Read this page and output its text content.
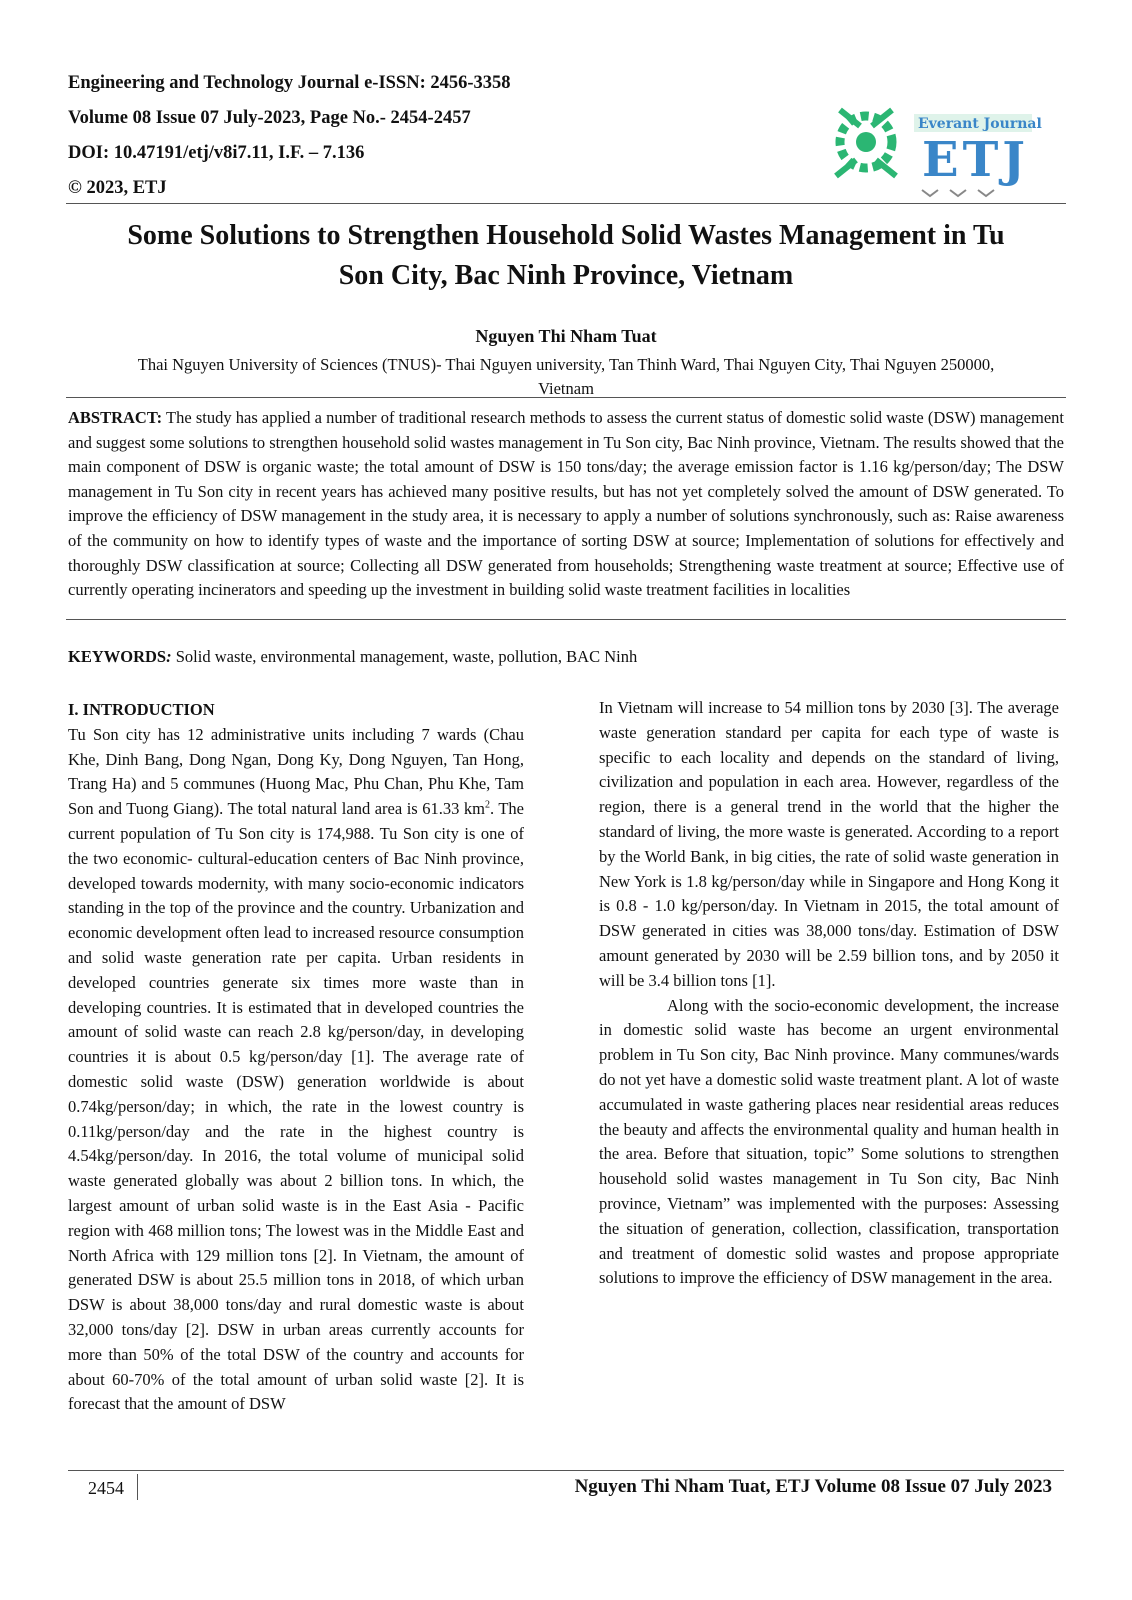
Engineering and Technology Journal e-ISSN: 2456-3358
Volume 08 Issue 07 July-2023, Page No.- 2454-2457
DOI: 10.47191/etj/v8i7.11, I.F. – 7.136
© 2023, ETJ
Everant Journal
ETJ
Some Solutions to Strengthen Household Solid Wastes Management in Tu
Son City, Bac Ninh Province, Vietnam
Nguyen Thi Nham Tuat
Thai Nguyen University of Sciences (TNUS)- Thai Nguyen university, Tan Thinh Ward, Thai Nguyen City, Thai Nguyen 250000,
Vietnam
ABSTRACT: The study has applied a number of traditional research methods to assess the current status of domestic solid waste (DSW) management and suggest some solutions to strengthen household solid wastes management in Tu Son city, Bac Ninh province, Vietnam. The results showed that the main component of DSW is organic waste; the total amount of DSW is 150 tons/day; the average emission factor is 1.16 kg/person/day; The DSW management in Tu Son city in recent years has achieved many positive results, but has not yet completely solved the amount of DSW generated. To improve the efficiency of DSW management in the study area, it is necessary to apply a number of solutions synchronously, such as: Raise awareness of the community on how to identify types of waste and the importance of sorting DSW at source; Implementation of solutions for effectively and thoroughly DSW classification at source; Collecting all DSW generated from households; Strengthening waste treatment at source; Effective use of currently operating incinerators and speeding up the investment in building solid waste treatment facilities in localities
KEYWORDS: Solid waste, environmental management, waste, pollution, BAC Ninh

I. INTRODUCTION

Tu Son city has 12 administrative units including 7 wards (Chau Khe, Dinh Bang, Dong Ngan, Dong Ky, Dong Nguyen, Tan Hong, Trang Ha) and 5 communes (Huong Mac, Phu Chan, Phu Khe, Tam Son and Tuong Giang). The total natural land area is 61.33 $km^2$. The current population of Tu Son city is 174,988. Tu Son city is one of the two economic- cultural-education centers of Bac Ninh province, developed towards modernity, with many socio-economic indicators standing in the top of the province and the country. Urbanization and economic development often lead to increased resource consumption and solid waste generation rate per capita. Urban residents in developed countries generate six times more waste than in developing countries. It is estimated that in developed countries the amount of solid waste can reach 2.8 kg/person/day, in developing countries it is about 0.5 kg/person/day [1]. The average rate of domestic solid waste (DSW) generation worldwide is about 0.74kg/person/day; in which, the rate in the lowest country is 0.11kg/person/day and the rate in the highest country is 4.54kg/person/day. In 2016, the total volume of municipal solid waste generated globally was about 2 billion tons. In which, the largest amount of urban solid waste is in the East Asia - Pacific region with 468 million tons; The lowest was in the Middle East and North Africa with 129 million tons [2]. In Vietnam, the amount of generated DSW is about 25.5 million tons in 2018, of which urban DSW is about 38,000 tons/day and rural domestic waste is about 32,000 tons/day [2]. DSW in urban areas currently accounts for more than 50% of the total DSW of the country and accounts for about 60-70% of the total amount of urban solid waste [2]. It is forecast that the amount of DSW

In Vietnam will increase to 54 million tons by 2030 [3]. The average waste generation standard per capita for each type of waste is specific to each locality and depends on the standard of living, civilization and population in each area. However, regardless of the region, there is a general trend in the world that the higher the standard of living, the more waste is generated. According to a report by the World Bank, in big cities, the rate of solid waste generation in New York is 1.8 kg/person/day while in Singapore and Hong Kong it is 0.8 - 1.0 kg/person/day. In Vietnam in 2015, the total amount of DSW generated in cities was 38,000 tons/day. Estimation of DSW amount generated by 2030 will be 2.59 billion tons, and by 2050 it will be 3.4 billion tons [1].

Along with the socio-economic development, the increase in domestic solid waste has become an urgent environmental problem in Tu Son city, Bac Ninh province. Many communes/wards do not yet have a domestic solid waste treatment plant. A lot of waste accumulated in waste gathering places near residential areas reduces the beauty and affects the environmental quality and human health in the area. Before that situation, topic” Some solutions to strengthen household solid wastes management in Tu Son city, Bac Ninh province, Vietnam” was implemented with the purposes: Assessing the situation of generation, collection, classification, transportation and treatment of domestic solid wastes and propose appropriate solutions to improve the efficiency of DSW management in the area.

2454	Nguyen Thi Nham Tuat, ETJ Volume 08 Issue 07 July 2023
